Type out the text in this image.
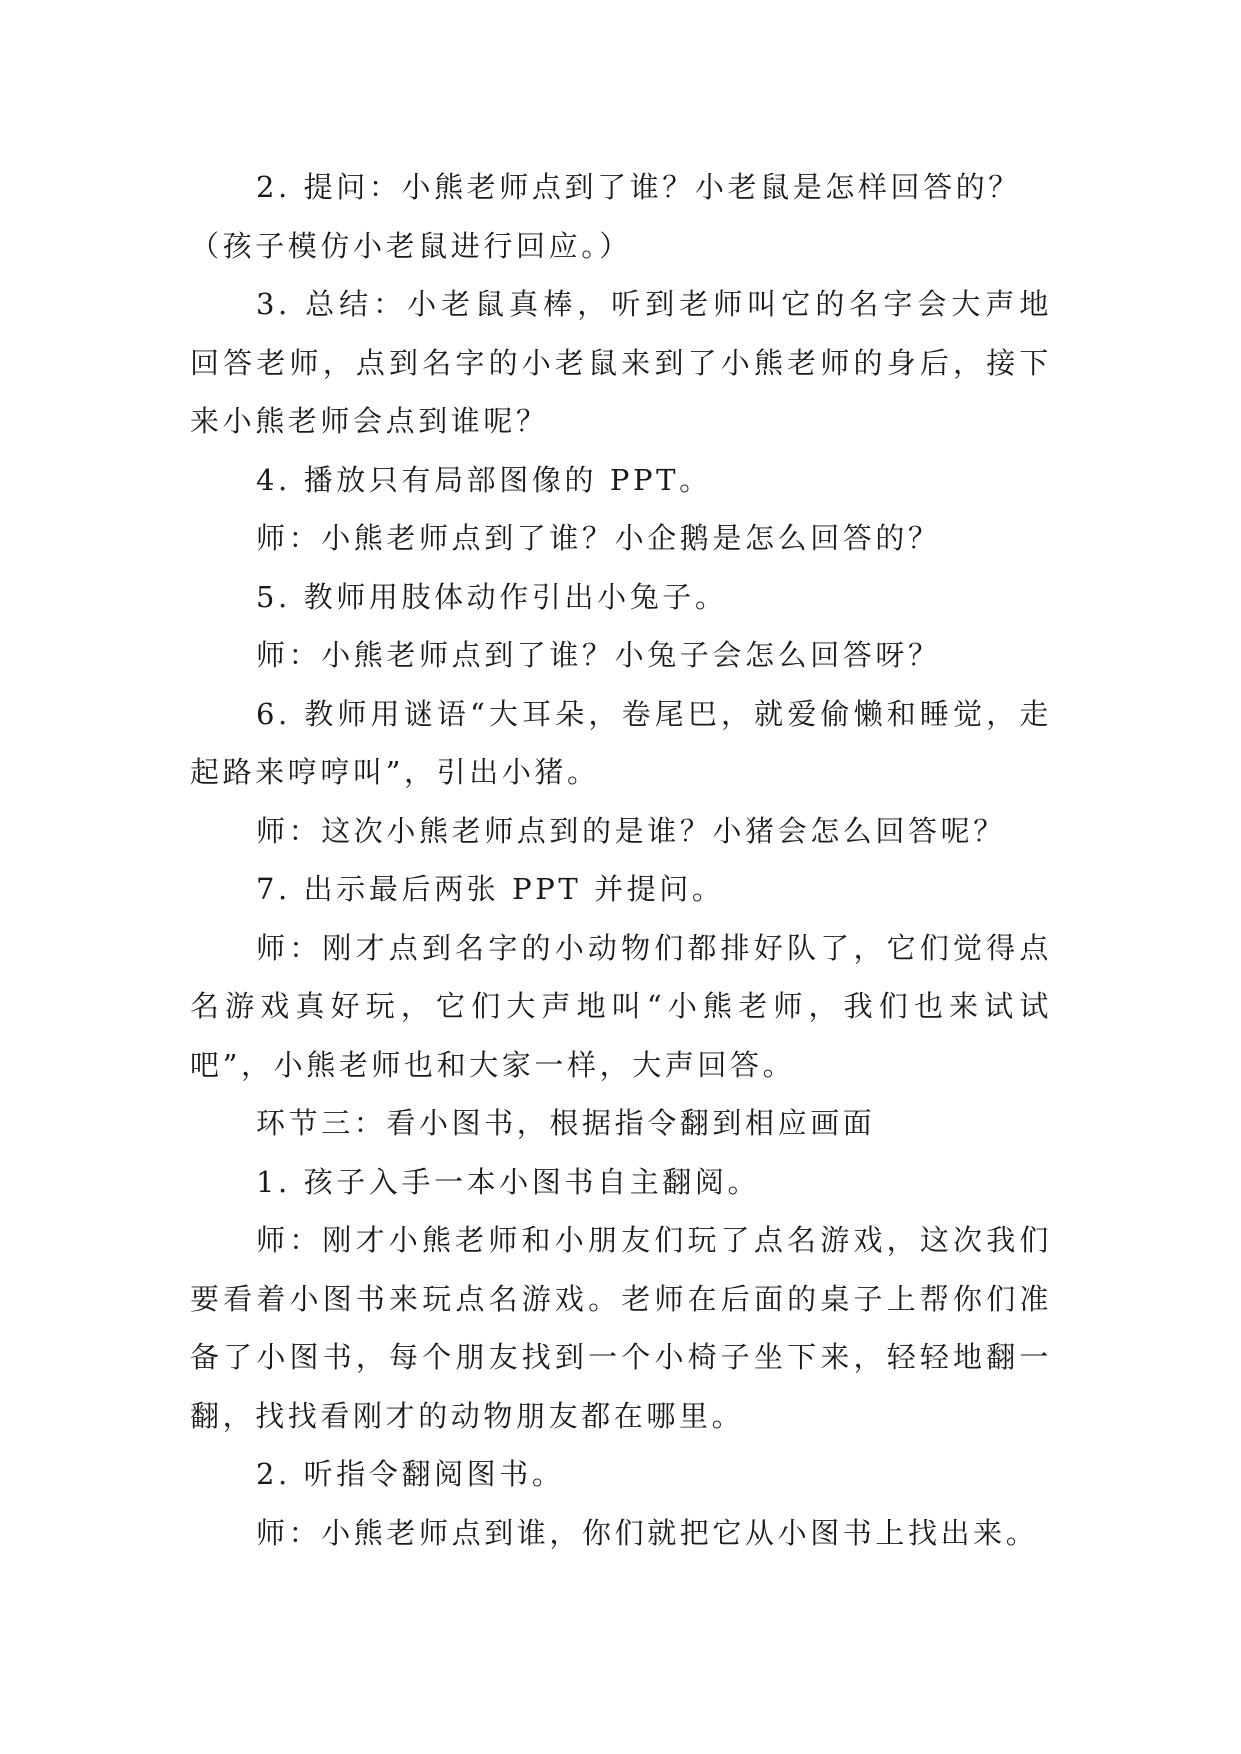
2. 提问：小熊老师点到了谁？小老鼠是怎样回答的？

（孩子模仿小老鼠进行回应。）

3. 总结：小老鼠真棒，听到老师叫它的名字会大声地回答老师，点到名字的小老鼠来到了小熊老师的身后，接下来小熊老师会点到谁呢？

4. 播放只有局部图像的 PPT。

师：小熊老师点到了谁？小企鹅是怎么回答的？

5. 教师用肢体动作引出小兔子。

师：小熊老师点到了谁？小兔子会怎么回答呀？

6. 教师用谜语“大耳朵，卷尾巴，就爱偷懒和睡觉，走起路来哼哼叫”，引出小猪。

师：这次小熊老师点到的是谁？小猪会怎么回答呢？

7. 出示最后两张 PPT 并提问。

师：刚才点到名字的小动物们都排好队了，它们觉得点名游戏真好玩，它们大声地叫“小熊老师，我们也来试试吧”，小熊老师也和大家一样，大声回答。

环节三：看小图书，根据指令翻到相应画面

1. 孩子入手一本小图书自主翻阅。

师：刚才小熊老师和小朋友们玩了点名游戏，这次我们要看着小图书来玩点名游戏。老师在后面的桌子上帮你们准备了小图书，每个朋友找到一个小椅子坐下来，轻轻地翻一翻，找找看刚才的动物朋友都在哪里。

2. 听指令翻阅图书。

师：小熊老师点到谁，你们就把它从小图书上找出来。
